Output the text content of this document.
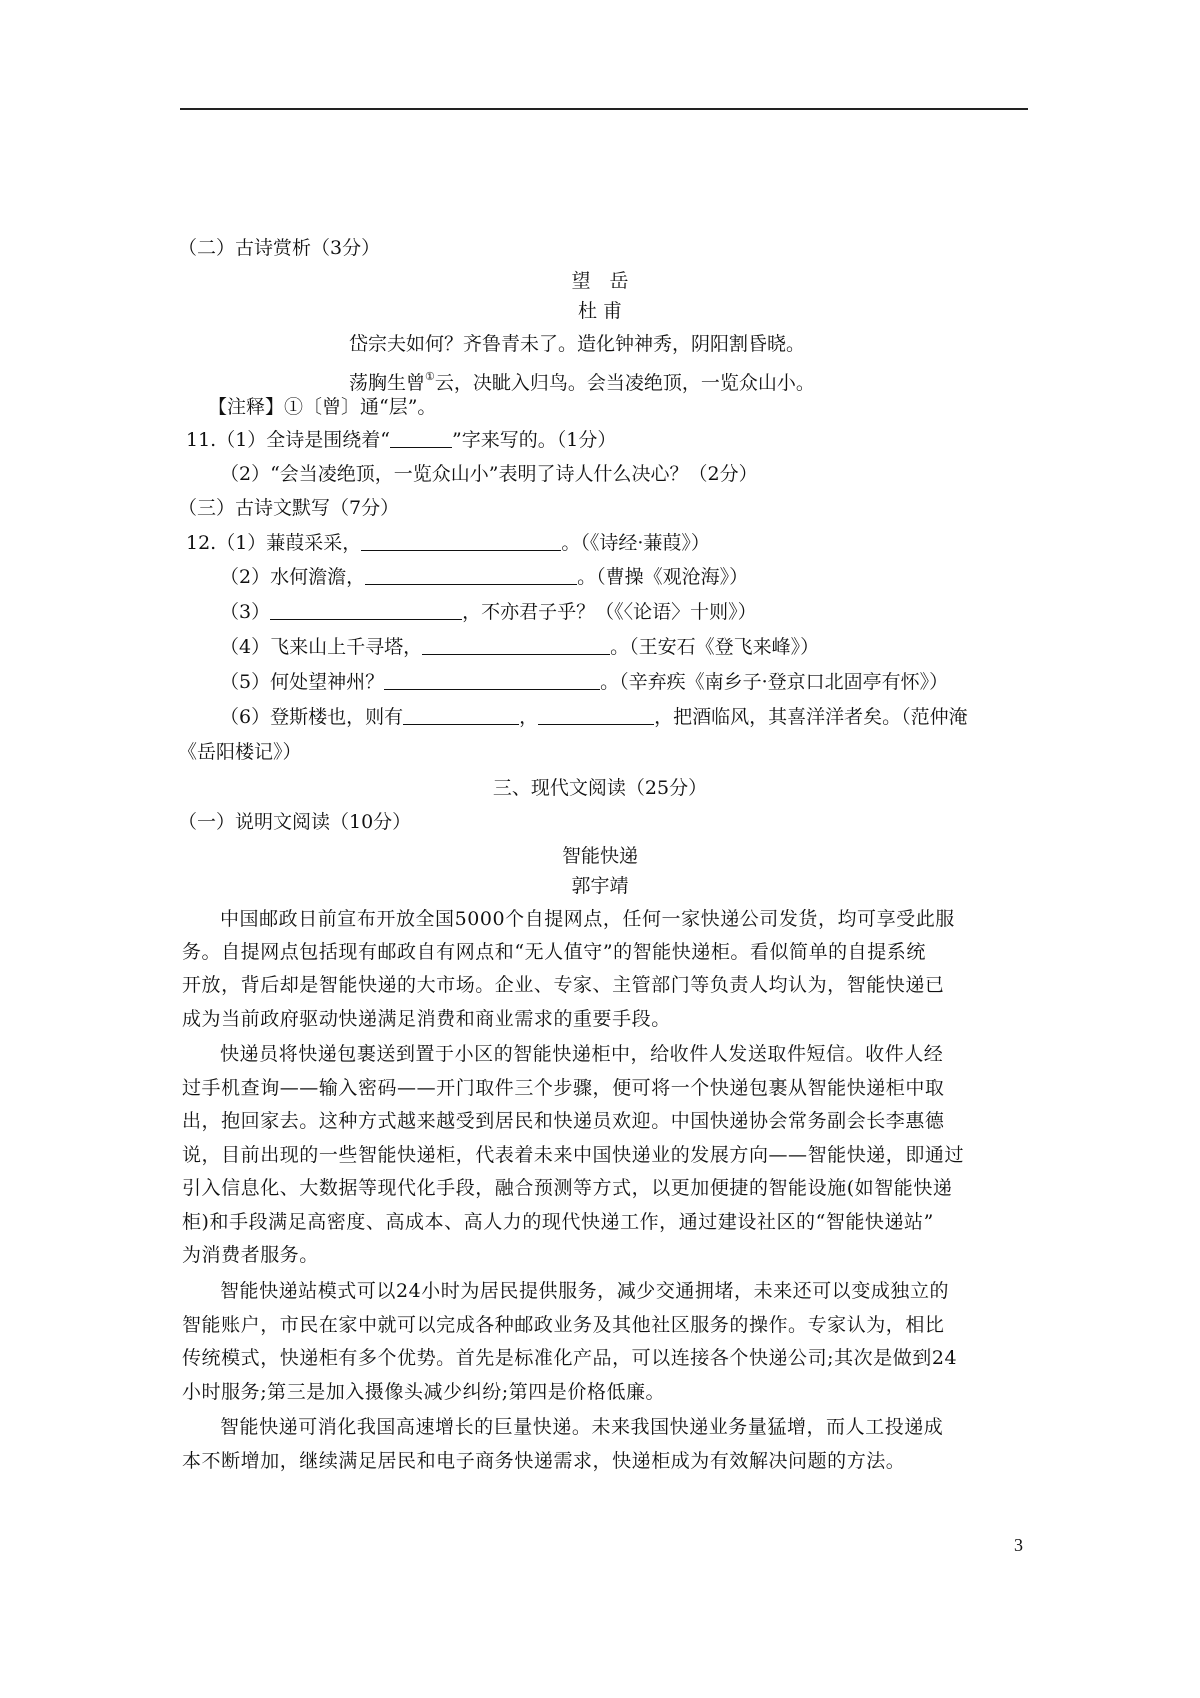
（二）古诗赏析（3分）
望　岳
杜 甫
岱宗夫如何？齐鲁青未了。造化钟神秀，阴阳割昏晓。
荡胸生曾①云，决眦入归鸟。会当凌绝顶，一览众山小。
【注释】①〔曾〕通“层”。
11.（1）全诗是围绕着“	”字来写的。（1分）
（2）“会当凌绝顶，一览众山小”表明了诗人什么决心？（2分）
（三）古诗文默写（7分）
12.（1）蒹葭采采，	。（《诗经·蒹葭》）
（2）水何澹澹，	。（曹操《观沧海》）
（3）	，不亦君子乎？（《〈论语〉十则》）
（4）飞来山上千寻塔，	。（王安石《登飞来峰》）
（5）何处望神州？	。（辛弃疾《南乡子·登京口北固亭有怀》）
（6）登斯楼也，则有	，	，把酒临风，其喜洋洋者矣。（范仲淹
《岳阳楼记》）
三、现代文阅读（25分）
（一）说明文阅读（10分）
智能快递
郭宇靖
中国邮政日前宣布开放全国5000个自提网点，任何一家快递公司发货，均可享受此服
务。自提网点包括现有邮政自有网点和“无人值守”的智能快递柜。看似简单的自提系统
开放，背后却是智能快递的大市场。企业、专家、主管部门等负责人均认为，智能快递已
成为当前政府驱动快递满足消费和商业需求的重要手段。
快递员将快递包裹送到置于小区的智能快递柜中，给收件人发送取件短信。收件人经
过手机查询——输入密码——开门取件三个步骤，便可将一个快递包裹从智能快递柜中取
出，抱回家去。这种方式越来越受到居民和快递员欢迎。中国快递协会常务副会长李惠德
说，目前出现的一些智能快递柜，代表着未来中国快递业的发展方向——智能快递，即通过
引入信息化、大数据等现代化手段，融合预测等方式，以更加便捷的智能设施(如智能快递
柜)和手段满足高密度、高成本、高人力的现代快递工作，通过建设社区的“智能快递站”
为消费者服务。
智能快递站模式可以24小时为居民提供服务，减少交通拥堵，未来还可以变成独立的
智能账户，市民在家中就可以完成各种邮政业务及其他社区服务的操作。专家认为，相比
传统模式，快递柜有多个优势。首先是标准化产品，可以连接各个快递公司;其次是做到24
小时服务;第三是加入摄像头减少纠纷;第四是价格低廉。
智能快递可消化我国高速增长的巨量快递。未来我国快递业务量猛增，而人工投递成
本不断增加，继续满足居民和电子商务快递需求，快递柜成为有效解决问题的方法。
3
